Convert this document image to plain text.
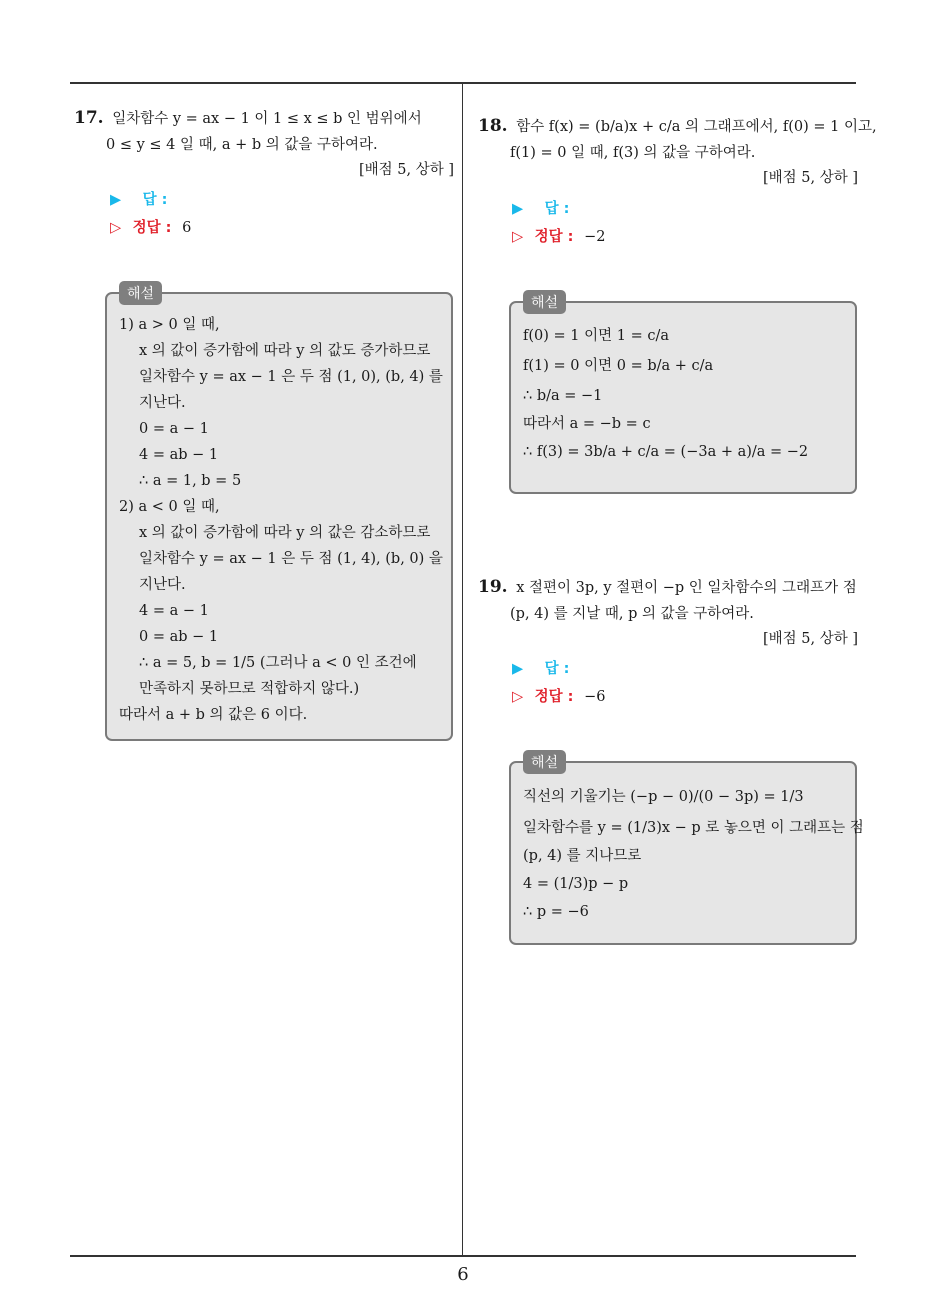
17. 일차함수 y = ax − 1 이 1 ≤ x ≤ b 인 범위에서
0 ≤ y ≤ 4 일 때, a + b 의 값을 구하여라.
[배점 5, 상하 ]
▶ 답 :
▷ 정답 : 6
해설
1) a > 0 일 때,
x 의 값이 증가함에 따라 y 의 값도 증가하므로
일차함수 y = ax − 1 은 두 점 (1, 0), (b, 4) 를
지난다.
0 = a − 1
4 = ab − 1
∴ a = 1, b = 5
2) a < 0 일 때,
x 의 값이 증가함에 따라 y 의 값은 감소하므로
일차함수 y = ax − 1 은 두 점 (1, 4), (b, 0) 을
지난다.
4 = a − 1
0 = ab − 1
∴ a = 5, b = 1/5 (그러나 a < 0 인 조건에
만족하지 못하므로 적합하지 않다.)
따라서 a + b 의 값은 6 이다.
18. 함수 f(x) = (b/a)x + c/a 의 그래프에서, f(0) = 1 이고,
f(1) = 0 일 때, f(3) 의 값을 구하여라.
[배점 5, 상하 ]
▶ 답 :
▷ 정답 : −2
해설
f(0) = 1 이면 1 = c/a
f(1) = 0 이면 0 = b/a + c/a
∴ b/a = −1
따라서 a = −b = c
∴ f(3) = 3b/a + c/a = (−3a + a)/a = −2
19. x 절편이 3p, y 절편이 −p 인 일차함수의 그래프가 점
(p, 4) 를 지날 때, p 의 값을 구하여라.
[배점 5, 상하 ]
▶ 답 :
▷ 정답 : −6
해설
직선의 기울기는 (−p − 0)/(0 − 3p) = 1/3
일차함수를 y = (1/3)x − p 로 놓으면 이 그래프는 점
(p, 4) 를 지나므로
4 = (1/3)p − p
∴ p = −6
6
